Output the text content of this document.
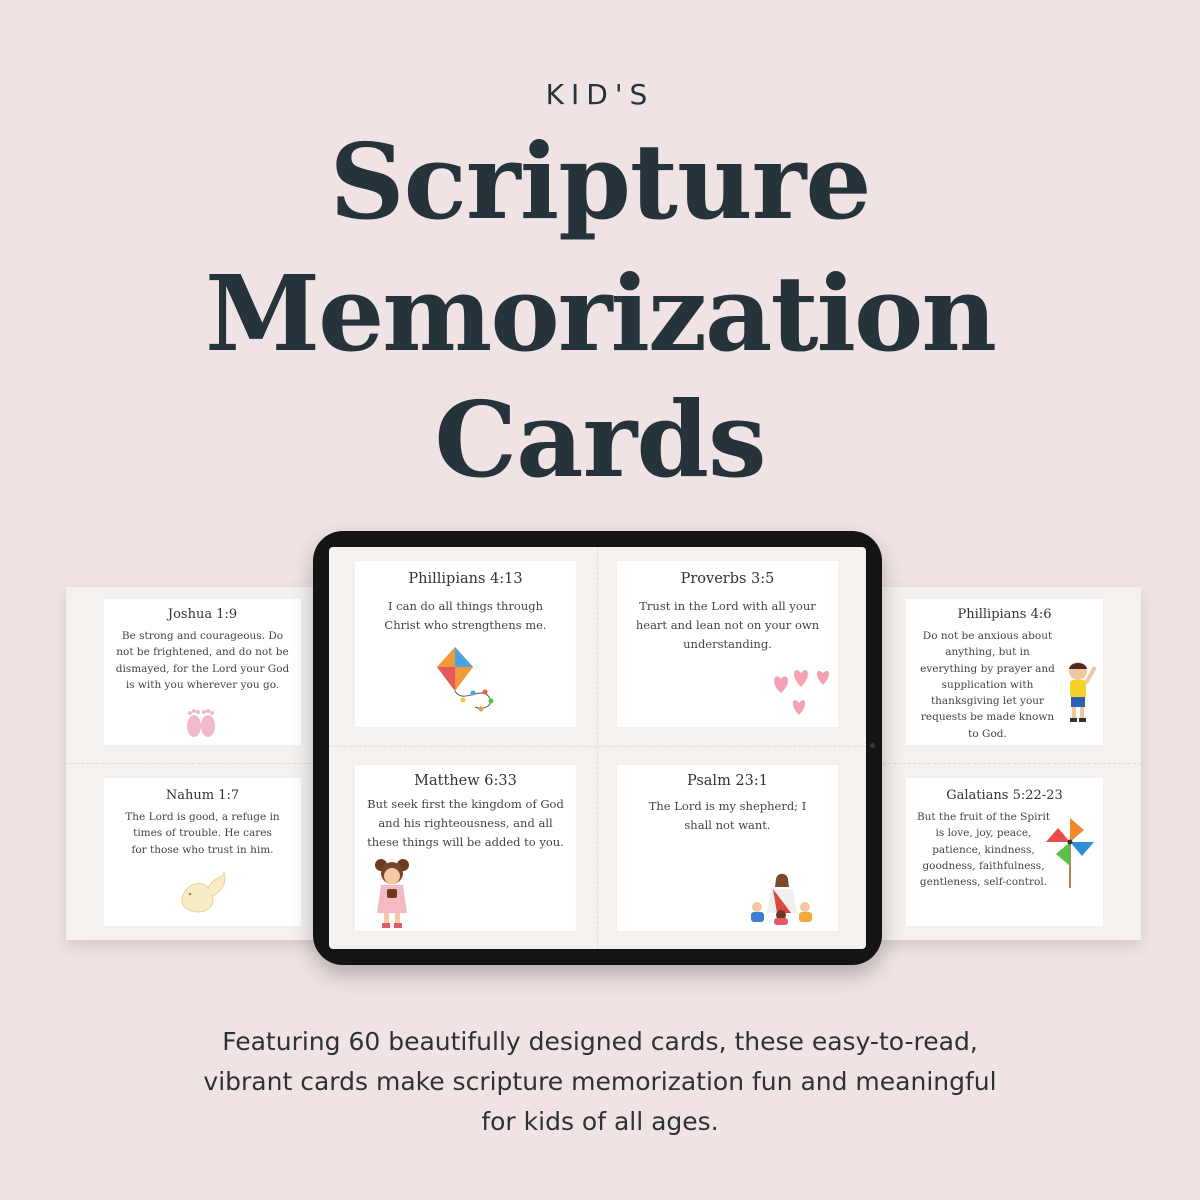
KID'S
Scripture
Memorization
Cards
Joshua 1:9
Be strong and courageous. Do not be frightened, and do not be dismayed, for the Lord your God is with you wherever you go.
Nahum 1:7
The Lord is good, a refuge in times of trouble. He cares for those who trust in him.
Phillipians 4:6
Do not be anxious about anything, but in everything by prayer and supplication with thanksgiving let your requests be made known to God.
Galatians 5:22-23
But the fruit of the Spirit is love, joy, peace, patience, kindness, goodness, faithfulness, gentleness, self-control.
Phillipians 4:13
I can do all things through Christ who strengthens me.
Proverbs 3:5
Trust in the Lord with all your heart and lean not on your own understanding.
Matthew 6:33
But seek first the kingdom of God and his righteousness, and all these things will be added to you.
Psalm 23:1
The Lord is my shepherd; I shall not want.
Featuring 60 beautifully designed cards, these easy-to-read, vibrant cards make scripture memorization fun and meaningful for kids of all ages.
